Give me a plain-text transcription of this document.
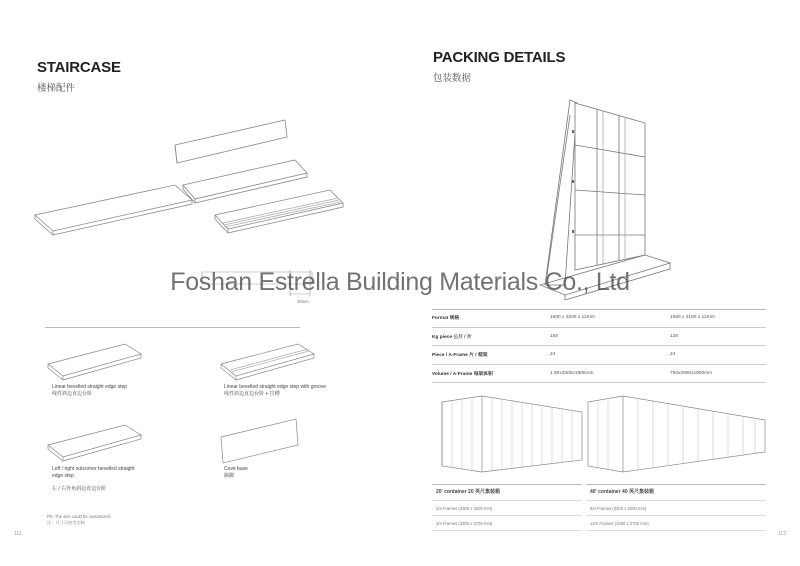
STAIRCASE
楼梯配件
20mm
Linear bevelled straight edge step
线性斜边直边台阶
Linear bevelled straight edge step with groove
线性斜边直边台阶 + 拉槽
Left / right outcorner bevelled straight edge step
左 / 右外角斜边直边台阶
Cove base
踢脚
PS: The size could be customized.
注：尺寸可接受定制
111
PACKING DETAILS
包装数据
Format 规格	1600 x 3200 x 12mm	1580 x 3180 x 12mm
Kg piece 公斤 / 片	150	128
Piece / A-Frame 片 / 框架	24	24
Volume / A-Frame 每架体积	1 90x3300x1900mm	750x2900x1900mm
20' container 20 英尺集装箱
3/4 Frames (3300 x 3200 mm)
3/4 Frames (3300 x 2700 mm)
40' container 40 英尺集装箱
8/4 Frames (3200 x 3200 mm)
12/4 Frames (3300 x 2700 mm)
112
Foshan Estrella Building Materials Co., Ltd
